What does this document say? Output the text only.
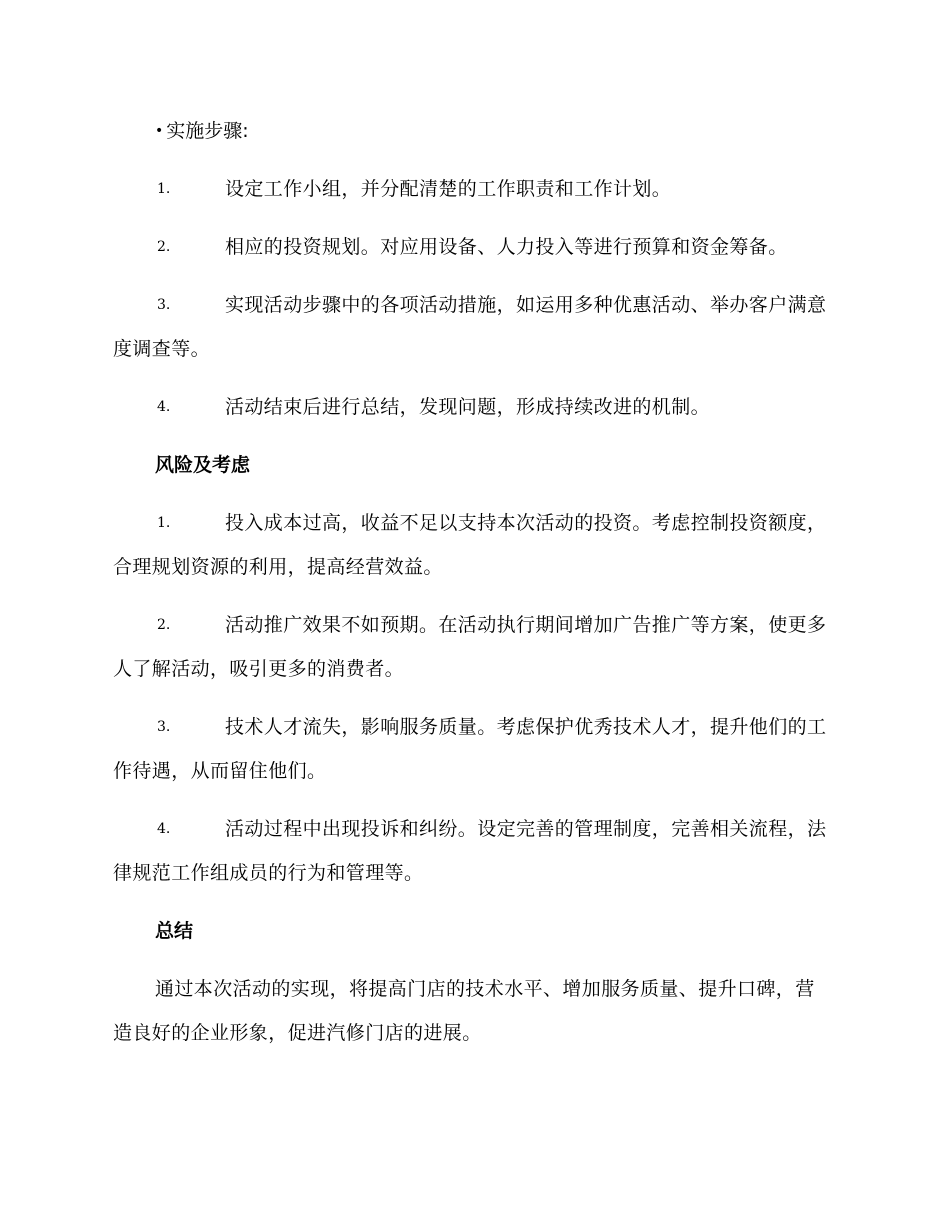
• 实施步骤:
1.	设定工作小组，并分配清楚的工作职责和工作计划。
2.	相应的投资规划。对应用设备、人力投入等进行预算和资金筹备。
3.	实现活动步骤中的各项活动措施，如运用多种优惠活动、举办客户满意度调查等。
4.	活动结束后进行总结，发现问题，形成持续改进的机制。
风险及考虑
1.	投入成本过高，收益不足以支持本次活动的投资。考虑控制投资额度，合理规划资源的利用，提高经营效益。
2.	活动推广效果不如预期。在活动执行期间增加广告推广等方案，使更多人了解活动，吸引更多的消费者。
3.	技术人才流失，影响服务质量。考虑保护优秀技术人才，提升他们的工作待遇，从而留住他们。
4.	活动过程中出现投诉和纠纷。设定完善的管理制度，完善相关流程，法律规范工作组成员的行为和管理等。
总结
通过本次活动的实现，将提高门店的技术水平、增加服务质量、提升口碑，营造良好的企业形象，促进汽修门店的进展。
